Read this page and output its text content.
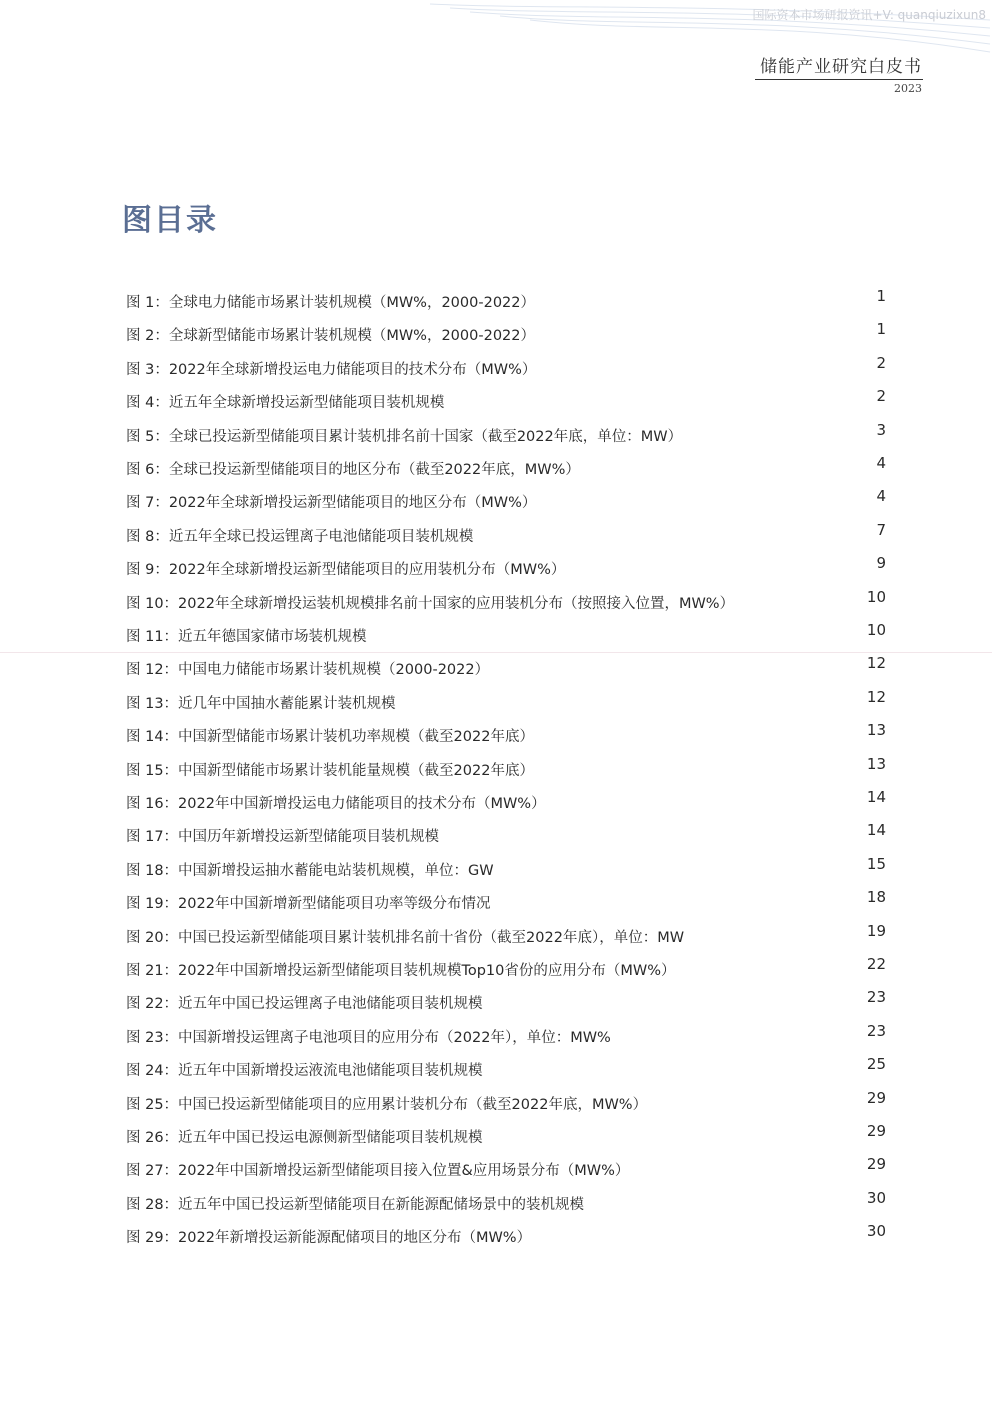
国际资本市场研报资讯+V: quanqiuzixun8
储能产业研究白皮书
2023
图目录
图 1：全球电力储能市场累计装机规模（MW%，2000-2022）	1
图 2：全球新型储能市场累计装机规模（MW%，2000-2022）	1
图 3：2022年全球新增投运电力储能项目的技术分布（MW%）	2
图 4：近五年全球新增投运新型储能项目装机规模	2
图 5：全球已投运新型储能项目累计装机排名前十国家（截至2022年底，单位：MW）	3
图 6：全球已投运新型储能项目的地区分布（截至2022年底，MW%）	4
图 7：2022年全球新增投运新型储能项目的地区分布（MW%）	4
图 8：近五年全球已投运锂离子电池储能项目装机规模	7
图 9：2022年全球新增投运新型储能项目的应用装机分布（MW%）	9
图 10：2022年全球新增投运装机规模排名前十国家的应用装机分布（按照接入位置，MW%）	10
图 11：近五年德国家储市场装机规模	10
图 12：中国电力储能市场累计装机规模（2000-2022）	12
图 13：近几年中国抽水蓄能累计装机规模	12
图 14：中国新型储能市场累计装机功率规模（截至2022年底）	13
图 15：中国新型储能市场累计装机能量规模（截至2022年底）	13
图 16：2022年中国新增投运电力储能项目的技术分布（MW%）	14
图 17：中国历年新增投运新型储能项目装机规模	14
图 18：中国新增投运抽水蓄能电站装机规模，单位：GW	15
图 19：2022年中国新增新型储能项目功率等级分布情况	18
图 20：中国已投运新型储能项目累计装机排名前十省份（截至2022年底），单位：MW	19
图 21：2022年中国新增投运新型储能项目装机规模Top10省份的应用分布（MW%）	22
图 22：近五年中国已投运锂离子电池储能项目装机规模	23
图 23：中国新增投运锂离子电池项目的应用分布（2022年），单位：MW%	23
图 24：近五年中国新增投运液流电池储能项目装机规模	25
图 25：中国已投运新型储能项目的应用累计装机分布（截至2022年底，MW%）	29
图 26：近五年中国已投运电源侧新型储能项目装机规模	29
图 27：2022年中国新增投运新型储能项目接入位置&应用场景分布（MW%）	29
图 28：近五年中国已投运新型储能项目在新能源配储场景中的装机规模	30
图 29：2022年新增投运新能源配储项目的地区分布（MW%）	30
